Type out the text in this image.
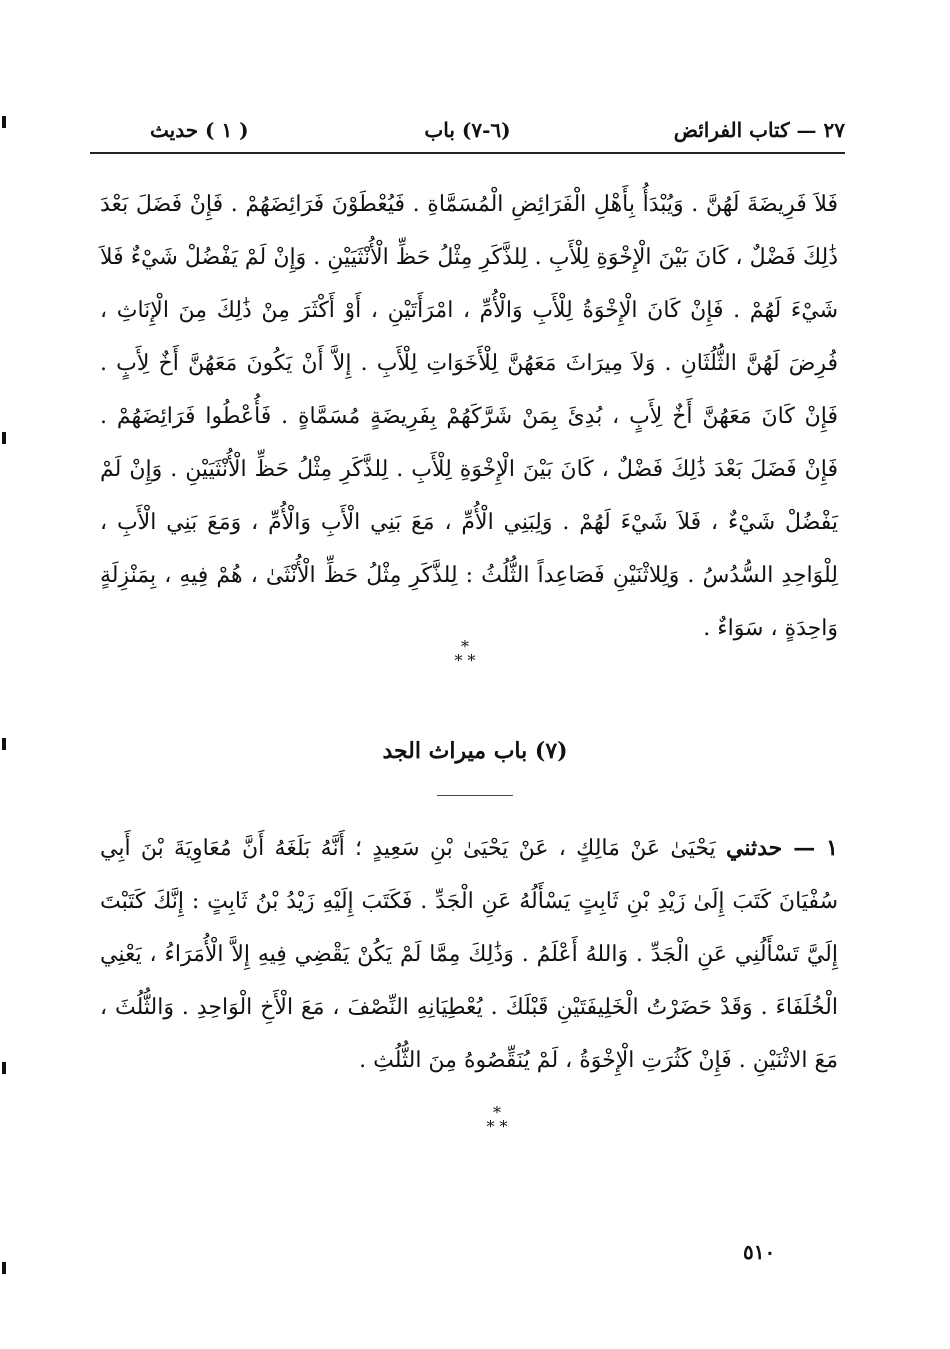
٢٧ — كتاب الفرائض
(٦-٧) باب
( ١ ) حديث
فَلاَ فَرِيضَةَ لَهُنَّ . وَيُبْدَأُ بِأَهْلِ الْفَرَائِضِ الْمُسَمَّاةِ . فَيُعْطَوْنَ فَرَائِضَهُمْ . فَإِنْ فَضَلَ بَعْدَ ذَٰلِكَ فَضْلٌ ، كَانَ بَيْنَ الْإِخْوَةِ لِلْأَبِ . لِلذَّكَرِ مِثْلُ حَظِّ الْأُنْثَيَيْنِ . وَإِنْ لَمْ يَفْضُلْ شَيْءٌ فَلاَ شَيْءَ لَهُمْ . فَإِنْ كَانَ الْإِخْوَةُ لِلْأَبِ وَالْأُمِّ ، امْرَأَتَيْنِ ، أَوْ أَكْثَرَ مِنْ ذَٰلِكَ مِنَ الْإِنَاثِ ، فُرِضَ لَهُنَّ الثُّلُثَانِ . وَلاَ مِيرَاثَ مَعَهُنَّ لِلْأَخَوَاتِ لِلْأَبِ . إِلاَّ أَنْ يَكُونَ مَعَهُنَّ أَخٌ لِأَبٍ . فَإِنْ كَانَ مَعَهُنَّ أَخٌ لِأَبٍ ، بُدِئَ بِمَنْ شَرَّكَهُمْ بِفَرِيضَةٍ مُسَمَّاةٍ . فَأُعْطُوا فَرَائِضَهُمْ . فَإِنْ فَضَلَ بَعْدَ ذَٰلِكَ فَضْلٌ ، كَانَ بَيْنَ الْإِخْوَةِ لِلْأَبِ . لِلذَّكَرِ مِثْلُ حَظِّ الْأُنْثَيَيْنِ . وَإِنْ لَمْ يَفْضُلْ شَيْءٌ ، فَلاَ شَيْءَ لَهُمْ . وَلِبَنِي الْأُمِّ ، مَعَ بَنِي الْأَبِ وَالْأُمِّ ، وَمَعَ بَنِي الْأَبِ ، لِلْوَاحِدِ السُّدُسُ . وَلِلاثْنَيْنِ فَصَاعِداً الثُّلُثُ : لِلذَّكَرِ مِثْلُ حَظِّ الْأُنْثَىٰ ، هُمْ فِيهِ ، بِمَنْزِلَةٍ وَاحِدَةٍ ، سَوَاءٌ .
*
* *
(٧) باب ميراث الجد
١ — حدثني يَحْيَىٰ عَنْ مَالِكٍ ، عَنْ يَحْيَىٰ بْنِ سَعِيدٍ ؛ أَنَّهُ بَلَغَهُ أَنَّ مُعَاوِيَةَ بْنَ أَبِي سُفْيَانَ كَتَبَ إِلَىٰ زَيْدِ بْنِ ثَابِتٍ يَسْأَلُهُ عَنِ الْجَدِّ . فَكَتَبَ إِلَيْهِ زَيْدُ بْنُ ثَابِتٍ : إِنَّكَ كَتَبْتَ إِلَيَّ تَسْأَلُنِي عَنِ الْجَدِّ . وَاللهُ أَعْلَمُ . وَذَٰلِكَ مِمَّا لَمْ يَكُنْ يَقْضِي فِيهِ إِلاَّ الْأُمَرَاءُ ، يَعْنِي الْخُلَفَاءَ . وَقَدْ حَضَرْتُ الْخَلِيفَتَيْنِ قَبْلَكَ . يُعْطِيَانِهِ النِّصْفَ ، مَعَ الْأَخِ الْوَاحِدِ . وَالثُّلُثَ ، مَعَ الاثْنَيْنِ . فَإِنْ كَثُرَتِ الْإِخْوَةُ ، لَمْ يُنَقِّصُوهُ مِنَ الثُّلُثِ .
*
* *
٥١٠
